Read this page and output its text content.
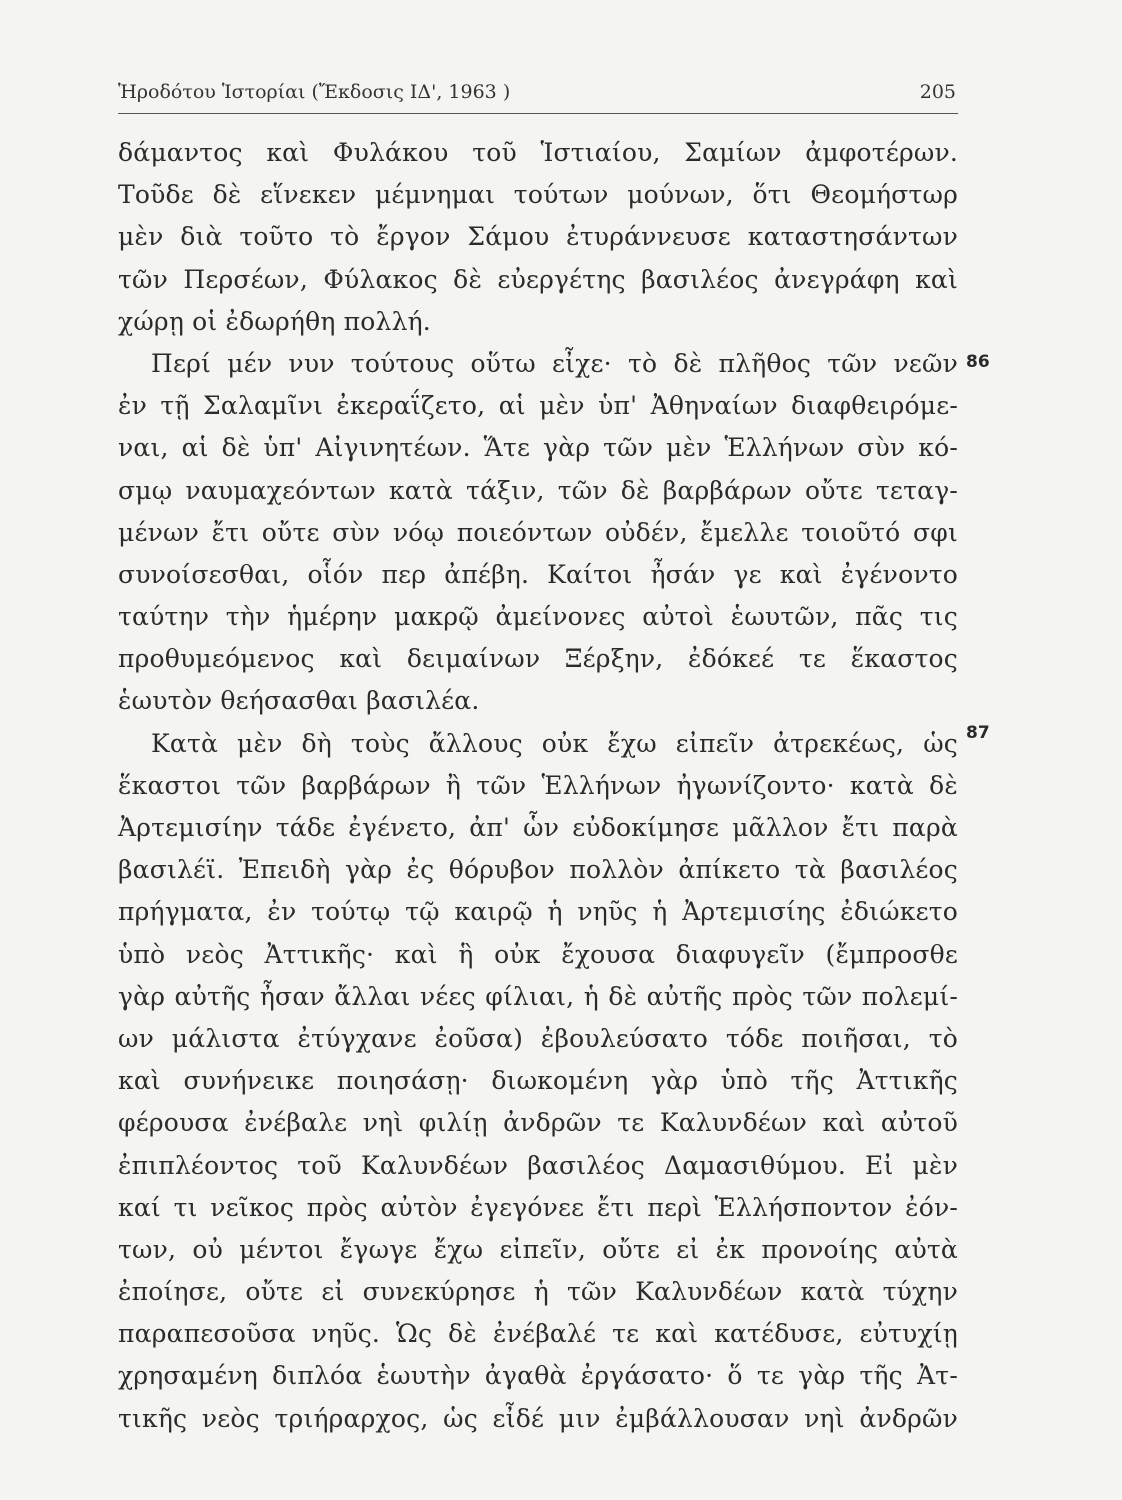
Ἡροδότου Ἱστορίαι (Ἔκδοσις ΙΔ', 1963 )	205
δάμαντος καὶ Φυλάκου τοῦ Ἱστιαίου, Σαμίων ἀμφοτέρων.
Τοῦδε δὲ εἵνεκεν μέμνημαι τούτων μούνων, ὅτι Θεομήστωρ
μὲν διὰ τοῦτο τὸ ἔργον Σάμου ἐτυράννευσε καταστησάντων
τῶν Περσέων, Φύλακος δὲ εὐεργέτης βασιλέος ἀνεγράφη καὶ
χώρῃ οἱ ἐδωρήθη πολλή.
Περί μέν νυν τούτους οὕτω εἶχε· τὸ δὲ πλῆθος τῶν νεῶν
ἐν τῇ Σαλαμῖνι ἐκεραΐζετο, αἱ μὲν ὑπ' Ἀθηναίων διαφθειρόμε-
ναι, αἱ δὲ ὑπ' Αἰγινητέων. Ἅτε γὰρ τῶν μὲν Ἑλλήνων σὺν κό-
σμῳ ναυμαχεόντων κατὰ τάξιν, τῶν δὲ βαρβάρων οὔτε τεταγ-
μένων ἔτι οὔτε σὺν νόῳ ποιεόντων οὐδέν, ἔμελλε τοιοῦτό σφι
συνοίσεσθαι, οἷόν περ ἀπέβη. Καίτοι ἦσάν γε καὶ ἐγένοντο
ταύτην τὴν ἡμέρην μακρῷ ἀμείνονες αὐτοὶ ἑωυτῶν, πᾶς τις
προθυμεόμενος καὶ δειμαίνων Ξέρξην, ἐδόκεέ τε ἕκαστος
ἑωυτὸν θεήσασθαι βασιλέα.
Κατὰ μὲν δὴ τοὺς ἄλλους οὐκ ἔχω εἰπεῖν ἀτρεκέως, ὡς
ἕκαστοι τῶν βαρβάρων ἢ τῶν Ἑλλήνων ἠγωνίζοντο· κατὰ δὲ
Ἀρτεμισίην τάδε ἐγένετο, ἀπ' ὧν εὐδοκίμησε μᾶλλον ἔτι παρὰ
βασιλέϊ. Ἐπειδὴ γὰρ ἐς θόρυβον πολλὸν ἀπίκετο τὰ βασιλέος
πρήγματα, ἐν τούτῳ τῷ καιρῷ ἡ νηῦς ἡ Ἀρτεμισίης ἐδιώκετο
ὑπὸ νεὸς Ἀττικῆς· καὶ ἣ οὐκ ἔχουσα διαφυγεῖν (ἔμπροσθε
γὰρ αὐτῆς ἦσαν ἄλλαι νέες φίλιαι, ἡ δὲ αὐτῆς πρὸς τῶν πολεμί-
ων μάλιστα ἐτύγχανε ἐοῦσα) ἐβουλεύσατο τόδε ποιῆσαι, τὸ
καὶ συνήνεικε ποιησάσῃ· διωκομένη γὰρ ὑπὸ τῆς Ἀττικῆς
φέρουσα ἐνέβαλε νηὶ φιλίῃ ἀνδρῶν τε Καλυνδέων καὶ αὐτοῦ
ἐπιπλέοντος τοῦ Καλυνδέων βασιλέος Δαμασιθύμου. Εἰ μὲν
καί τι νεῖκος πρὸς αὐτὸν ἐγεγόνεε ἔτι περὶ Ἑλλήσποντον ἐόν-
των, οὐ μέντοι ἔγωγε ἔχω εἰπεῖν, οὔτε εἰ ἐκ προνοίης αὐτὰ
ἐποίησε, οὔτε εἰ συνεκύρησε ἡ τῶν Καλυνδέων κατὰ τύχην
παραπεσοῦσα νηῦς. Ὡς δὲ ἐνέβαλέ τε καὶ κατέδυσε, εὐτυχίῃ
χρησαμένη διπλόα ἑωυτὴν ἀγαθὰ ἐργάσατο· ὅ τε γὰρ τῆς Ἀτ-
τικῆς νεὸς τριήραρχος, ὡς εἶδέ μιν ἐμβάλλουσαν νηὶ ἀνδρῶν
86
87
